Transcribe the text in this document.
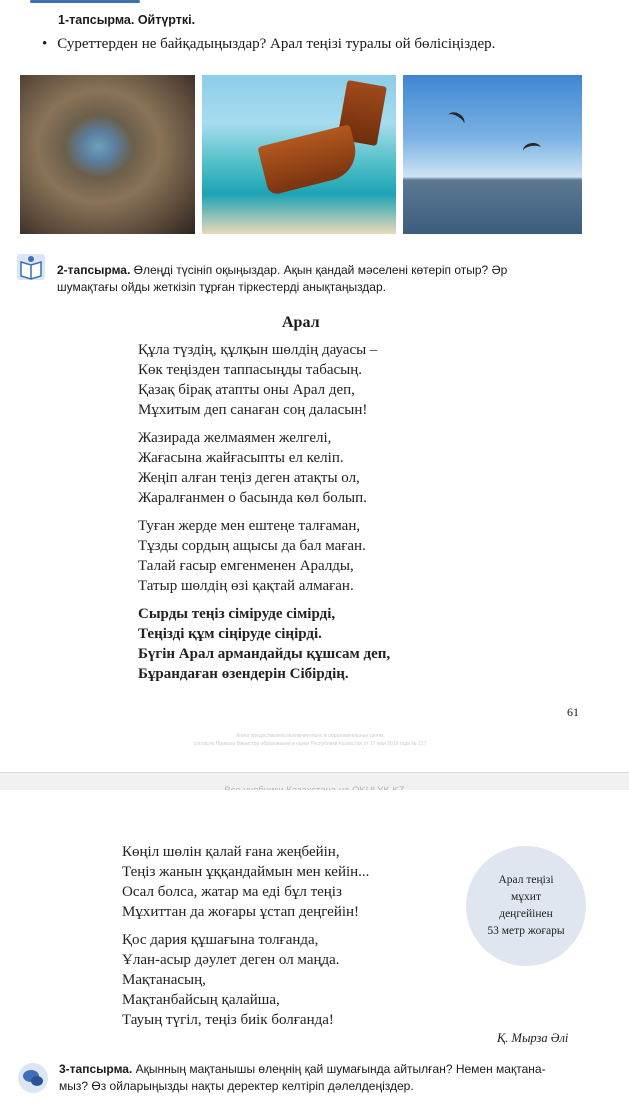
1-тапсырма. Ойтүрткі.
• Суреттерден не байқадыңыздар? Арал теңізі туралы ой бөлісіңіздер.
2-тапсырма. Өлеңді түсініп оқыңыздар. Ақын қандай мәселені көтеріп отыр? Әр
шумақтағы ойды жеткізіп тұрған тіркестерді анықтаңыздар.
Арал
Құла түздің, құлқын шөлдің дауасы –
Көк теңізден таппасыңды табасың.
Қазақ бірақ атапты оны Арал деп,
Мұхитым деп санаған соң даласын!
Жазирада желмаямен желгелі,
Жағасына жайғасыпты ел келіп.
Жеңіп алған теңіз деген атақты ол,
Жаралғанмен о басында көл болып.
Туған жерде мен ештеңе талғаман,
Тұзды сордың ащысы да бал маған.
Талай ғасыр емгенменен Аралды,
Татыр шөлдің өзі қақтай алмаған.
Сырды теңіз сіміруде сімірді,
Теңізді құм сіңіруде сіңірді.
Бүгін Арал армандайды құшсам деп,
Бұрандаған өзендерін Сібірдің.
61
Книга предоставлена исключительно в образовательных целях
согласно Приказа Министра образования и науки Республики Казахстан от 17 мая 2019 года № 217
Көңіл шөлін қалай ғана жеңбейін,
Теңіз жанын ұққандаймын мен кейін...
Осал болса, жатар ма еді бұл теңіз
Мұхиттан да жоғары ұстап деңгейін!
Қос дария құшағына толғанда,
Ұлан-асыр дәулет деген ол маңда.
Мақтанасың,
Мақтанбайсың қалайша,
Тауың түгіл, теңіз биік болғанда!
Арал теңізі
мұхит
деңгейінен
53 метр жоғары
Қ. Мырза Әлі
3-тапсырма. Ақынның мақтанышы өлеңнің қай шумағында айтылған? Немен мақтана-
мыз? Өз ойларыңызды нақты деректер келтіріп дәлелдеңіздер.
